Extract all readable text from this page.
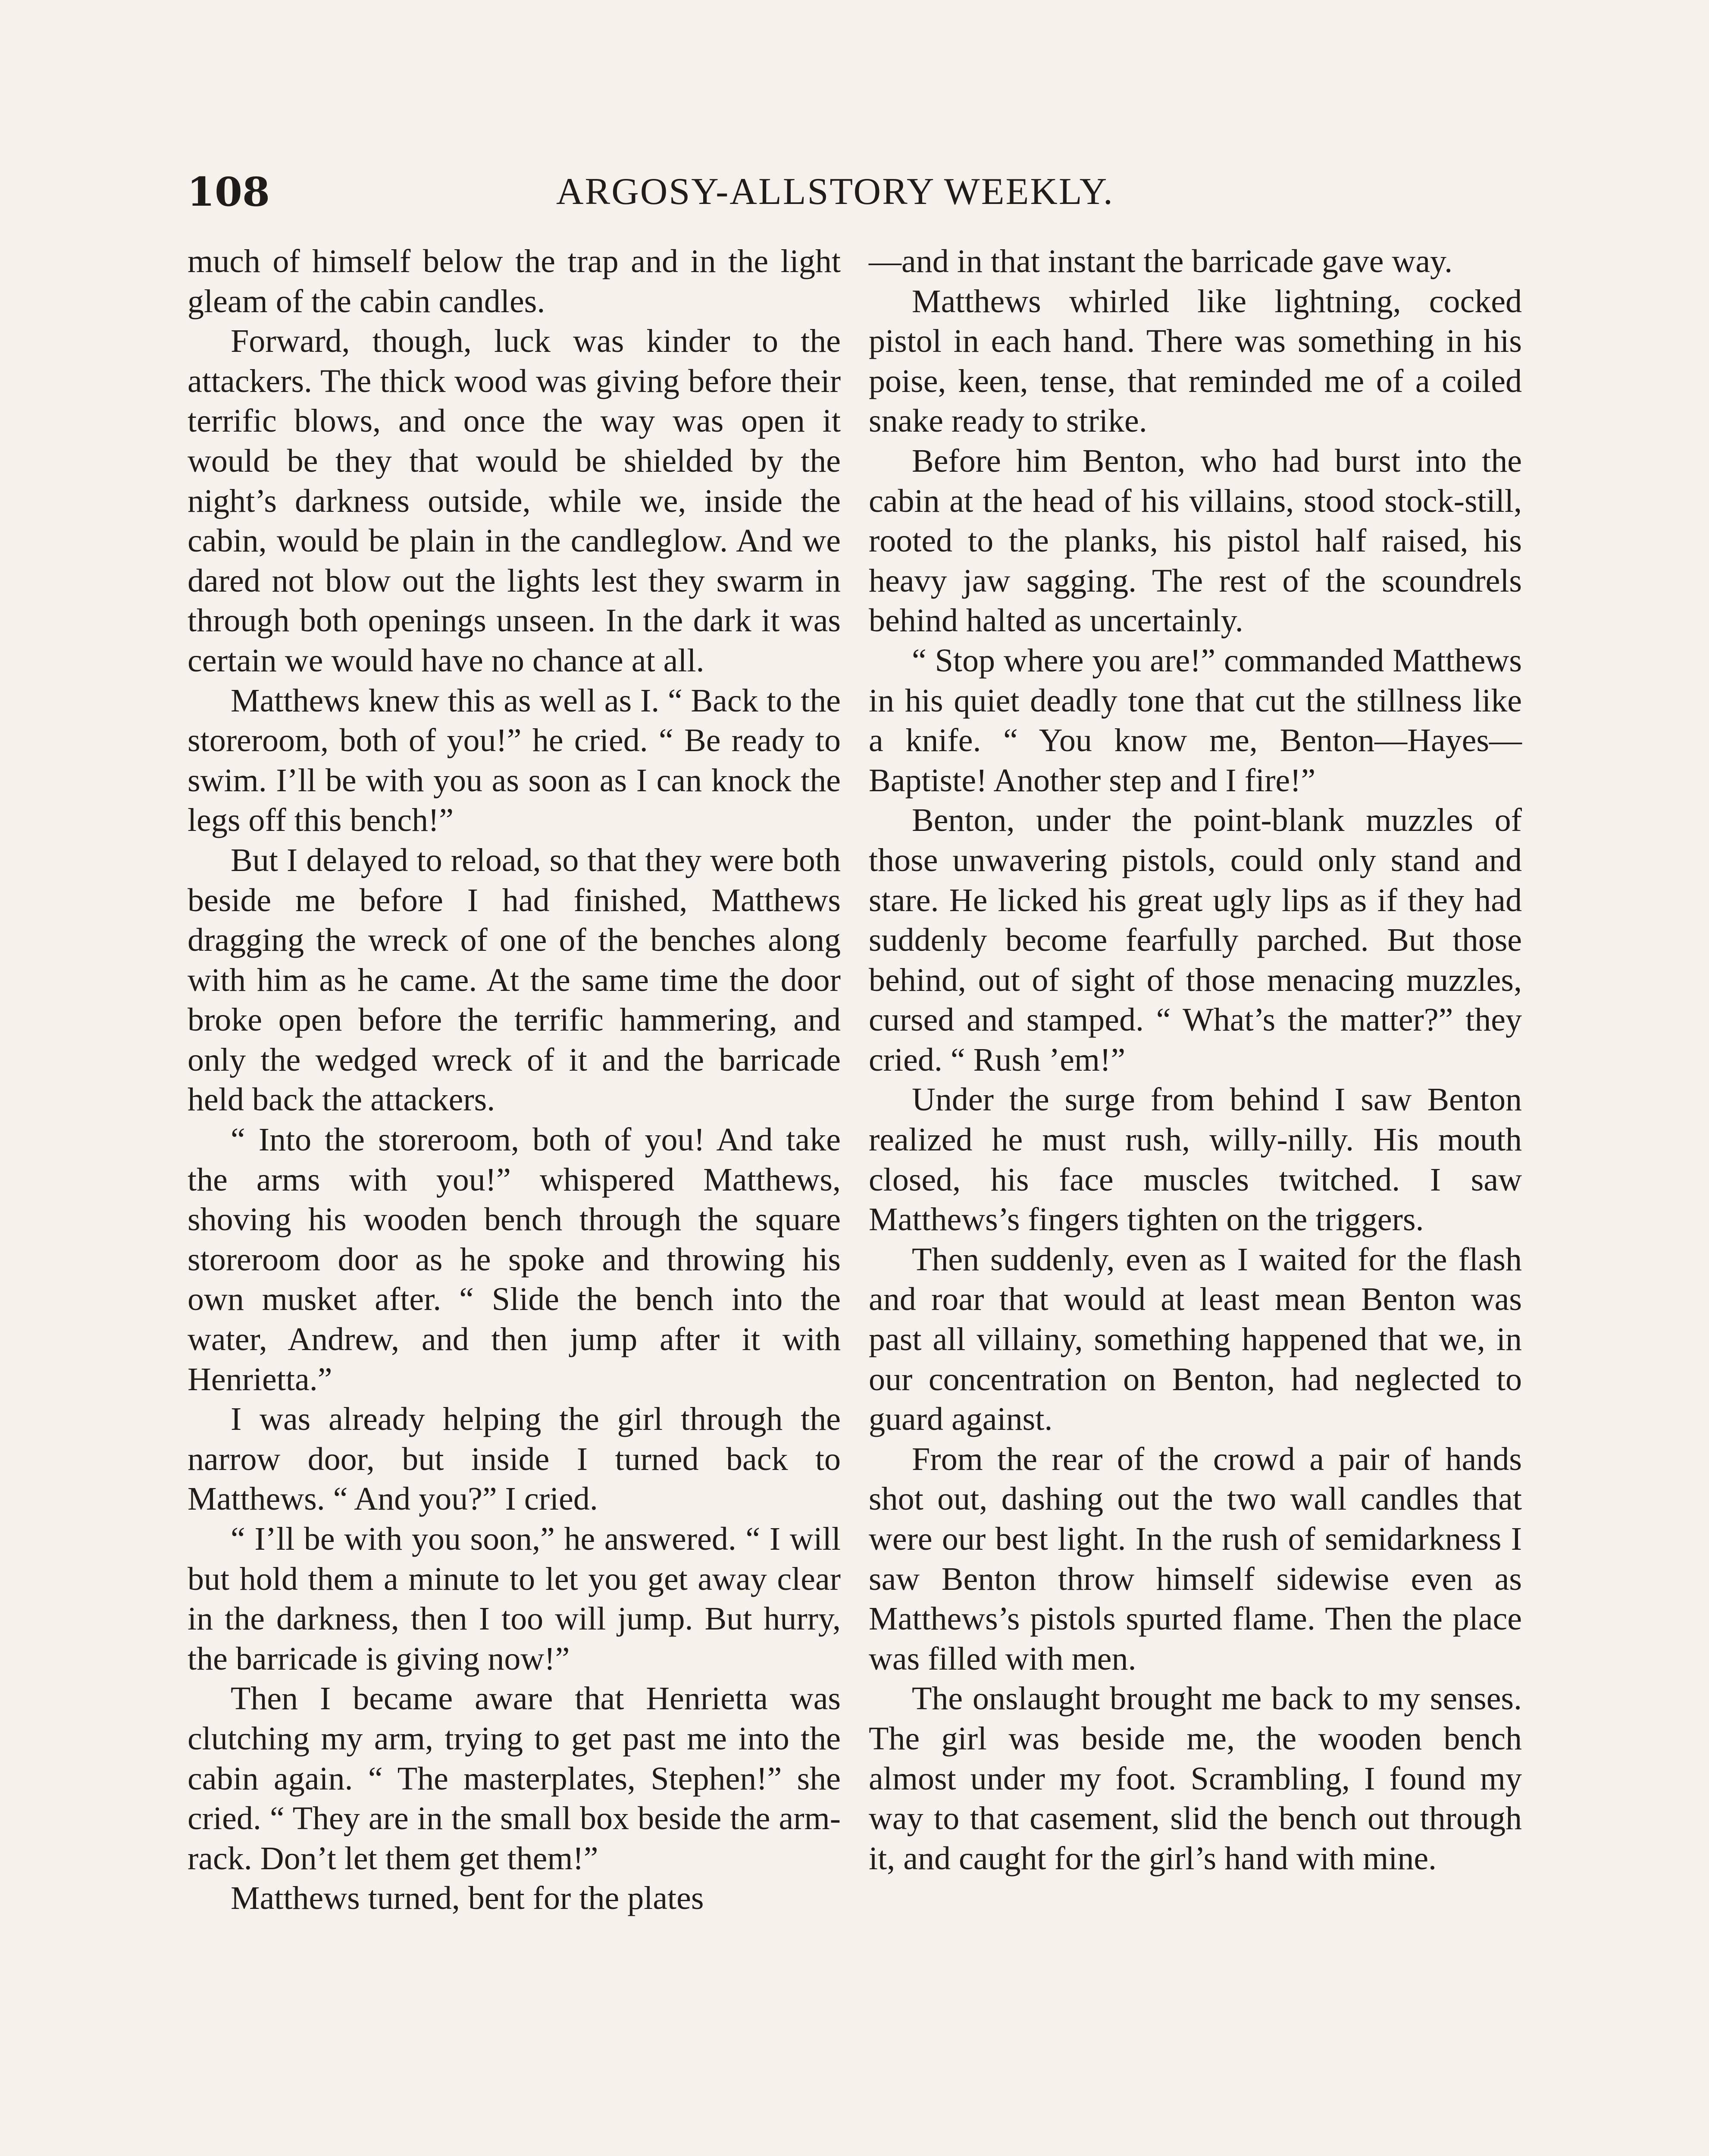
108	ARGOSY-ALLSTORY WEEKLY.

much of himself below the trap and in the light gleam of the cabin candles.

Forward, though, luck was kinder to the attackers. The thick wood was giving before their terrific blows, and once the way was open it would be they that would be shielded by the night’s darkness outside, while we, inside the cabin, would be plain in the candleglow. And we dared not blow out the lights lest they swarm in through both openings unseen. In the dark it was certain we would have no chance at all.

Matthews knew this as well as I. “ Back to the storeroom, both of you!” he cried. “ Be ready to swim. I’ll be with you as soon as I can knock the legs off this bench!”

But I delayed to reload, so that they were both beside me before I had finished, Matthews dragging the wreck of one of the benches along with him as he came. At the same time the door broke open before the terrific hammering, and only the wedged wreck of it and the barricade held back the attackers.

“ Into the storeroom, both of you! And take the arms with you!” whispered Matthews, shoving his wooden bench through the square storeroom door as he spoke and throwing his own musket after. “ Slide the bench into the water, Andrew, and then jump after it with Henrietta.”

I was already helping the girl through the narrow door, but inside I turned back to Matthews. “ And you?” I cried.

“ I’ll be with you soon,” he answered. “ I will but hold them a minute to let you get away clear in the darkness, then I too will jump. But hurry, the barricade is giving now!”

Then I became aware that Henrietta was clutching my arm, trying to get past me into the cabin again. “ The masterplates, Stephen!” she cried. “ They are in the small box beside the arm-rack. Don’t let them get them!”

Matthews turned, bent for the plates

—and in that instant the barricade gave way.

Matthews whirled like lightning, cocked pistol in each hand. There was something in his poise, keen, tense, that reminded me of a coiled snake ready to strike.

Before him Benton, who had burst into the cabin at the head of his villains, stood stock-still, rooted to the planks, his pistol half raised, his heavy jaw sagging. The rest of the scoundrels behind halted as uncertainly.

“ Stop where you are!” commanded Matthews in his quiet deadly tone that cut the stillness like a knife. “ You know me, Benton—Hayes—Baptiste! Another step and I fire!”

Benton, under the point-blank muzzles of those unwavering pistols, could only stand and stare. He licked his great ugly lips as if they had suddenly become fearfully parched. But those behind, out of sight of those menacing muzzles, cursed and stamped. “ What’s the matter?” they cried. “ Rush ’em!”

Under the surge from behind I saw Benton realized he must rush, willy-nilly. His mouth closed, his face muscles twitched. I saw Matthews’s fingers tighten on the triggers.

Then suddenly, even as I waited for the flash and roar that would at least mean Benton was past all villainy, something happened that we, in our concentration on Benton, had neglected to guard against.

From the rear of the crowd a pair of hands shot out, dashing out the two wall candles that were our best light. In the rush of semidarkness I saw Benton throw himself sidewise even as Matthews’s pistols spurted flame. Then the place was filled with men.

The onslaught brought me back to my senses. The girl was beside me, the wooden bench almost under my foot. Scrambling, I found my way to that casement, slid the bench out through it, and caught for the girl’s hand with mine.
